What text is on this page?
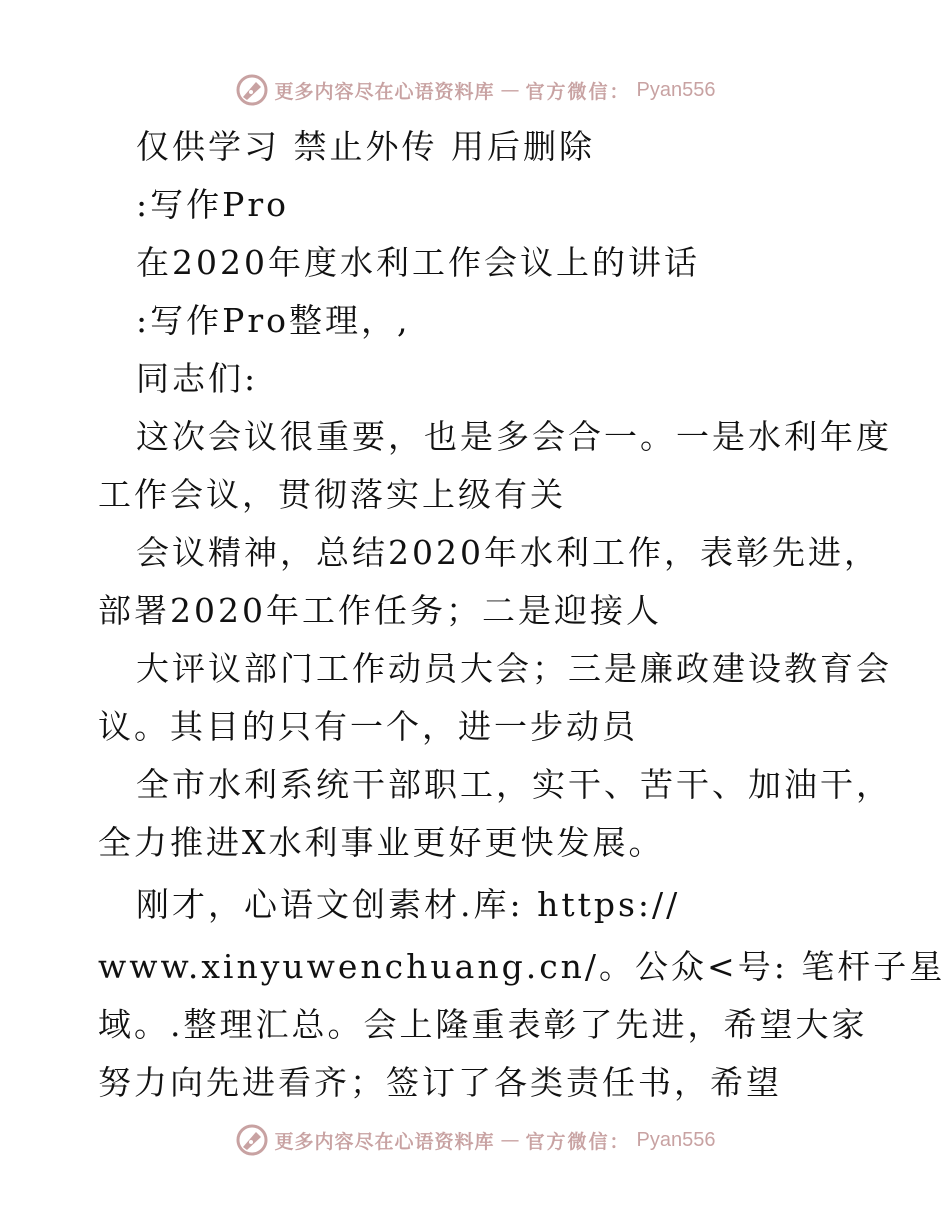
更多内容尽在心语资料库 — 官方微信： Pyan556
仅供学习 禁止外传 用后删除
:写作Pro
在2020年度水利工作会议上的讲话
:写作Pro整理，,
同志们:
这次会议很重要，也是多会合一。一是水利年度
工作会议，贯彻落实上级有关
会议精神，总结2020年水利工作，表彰先进，
部署2020年工作任务；二是迎接人
大评议部门工作动员大会；三是廉政建设教育会
议。其目的只有一个，进一步动员
全市水利系统干部职工，实干、苦干、加油干，
全力推进X水利事业更好更快发展。
刚才，心语文创素材.库: https://
www.xinyuwenchuang.cn/。公众<号: 笔杆子星
域。.整理汇总。会上隆重表彰了先进，希望大家
努力向先进看齐；签订了各类责任书，希望
更多内容尽在心语资料库 — 官方微信： Pyan556
